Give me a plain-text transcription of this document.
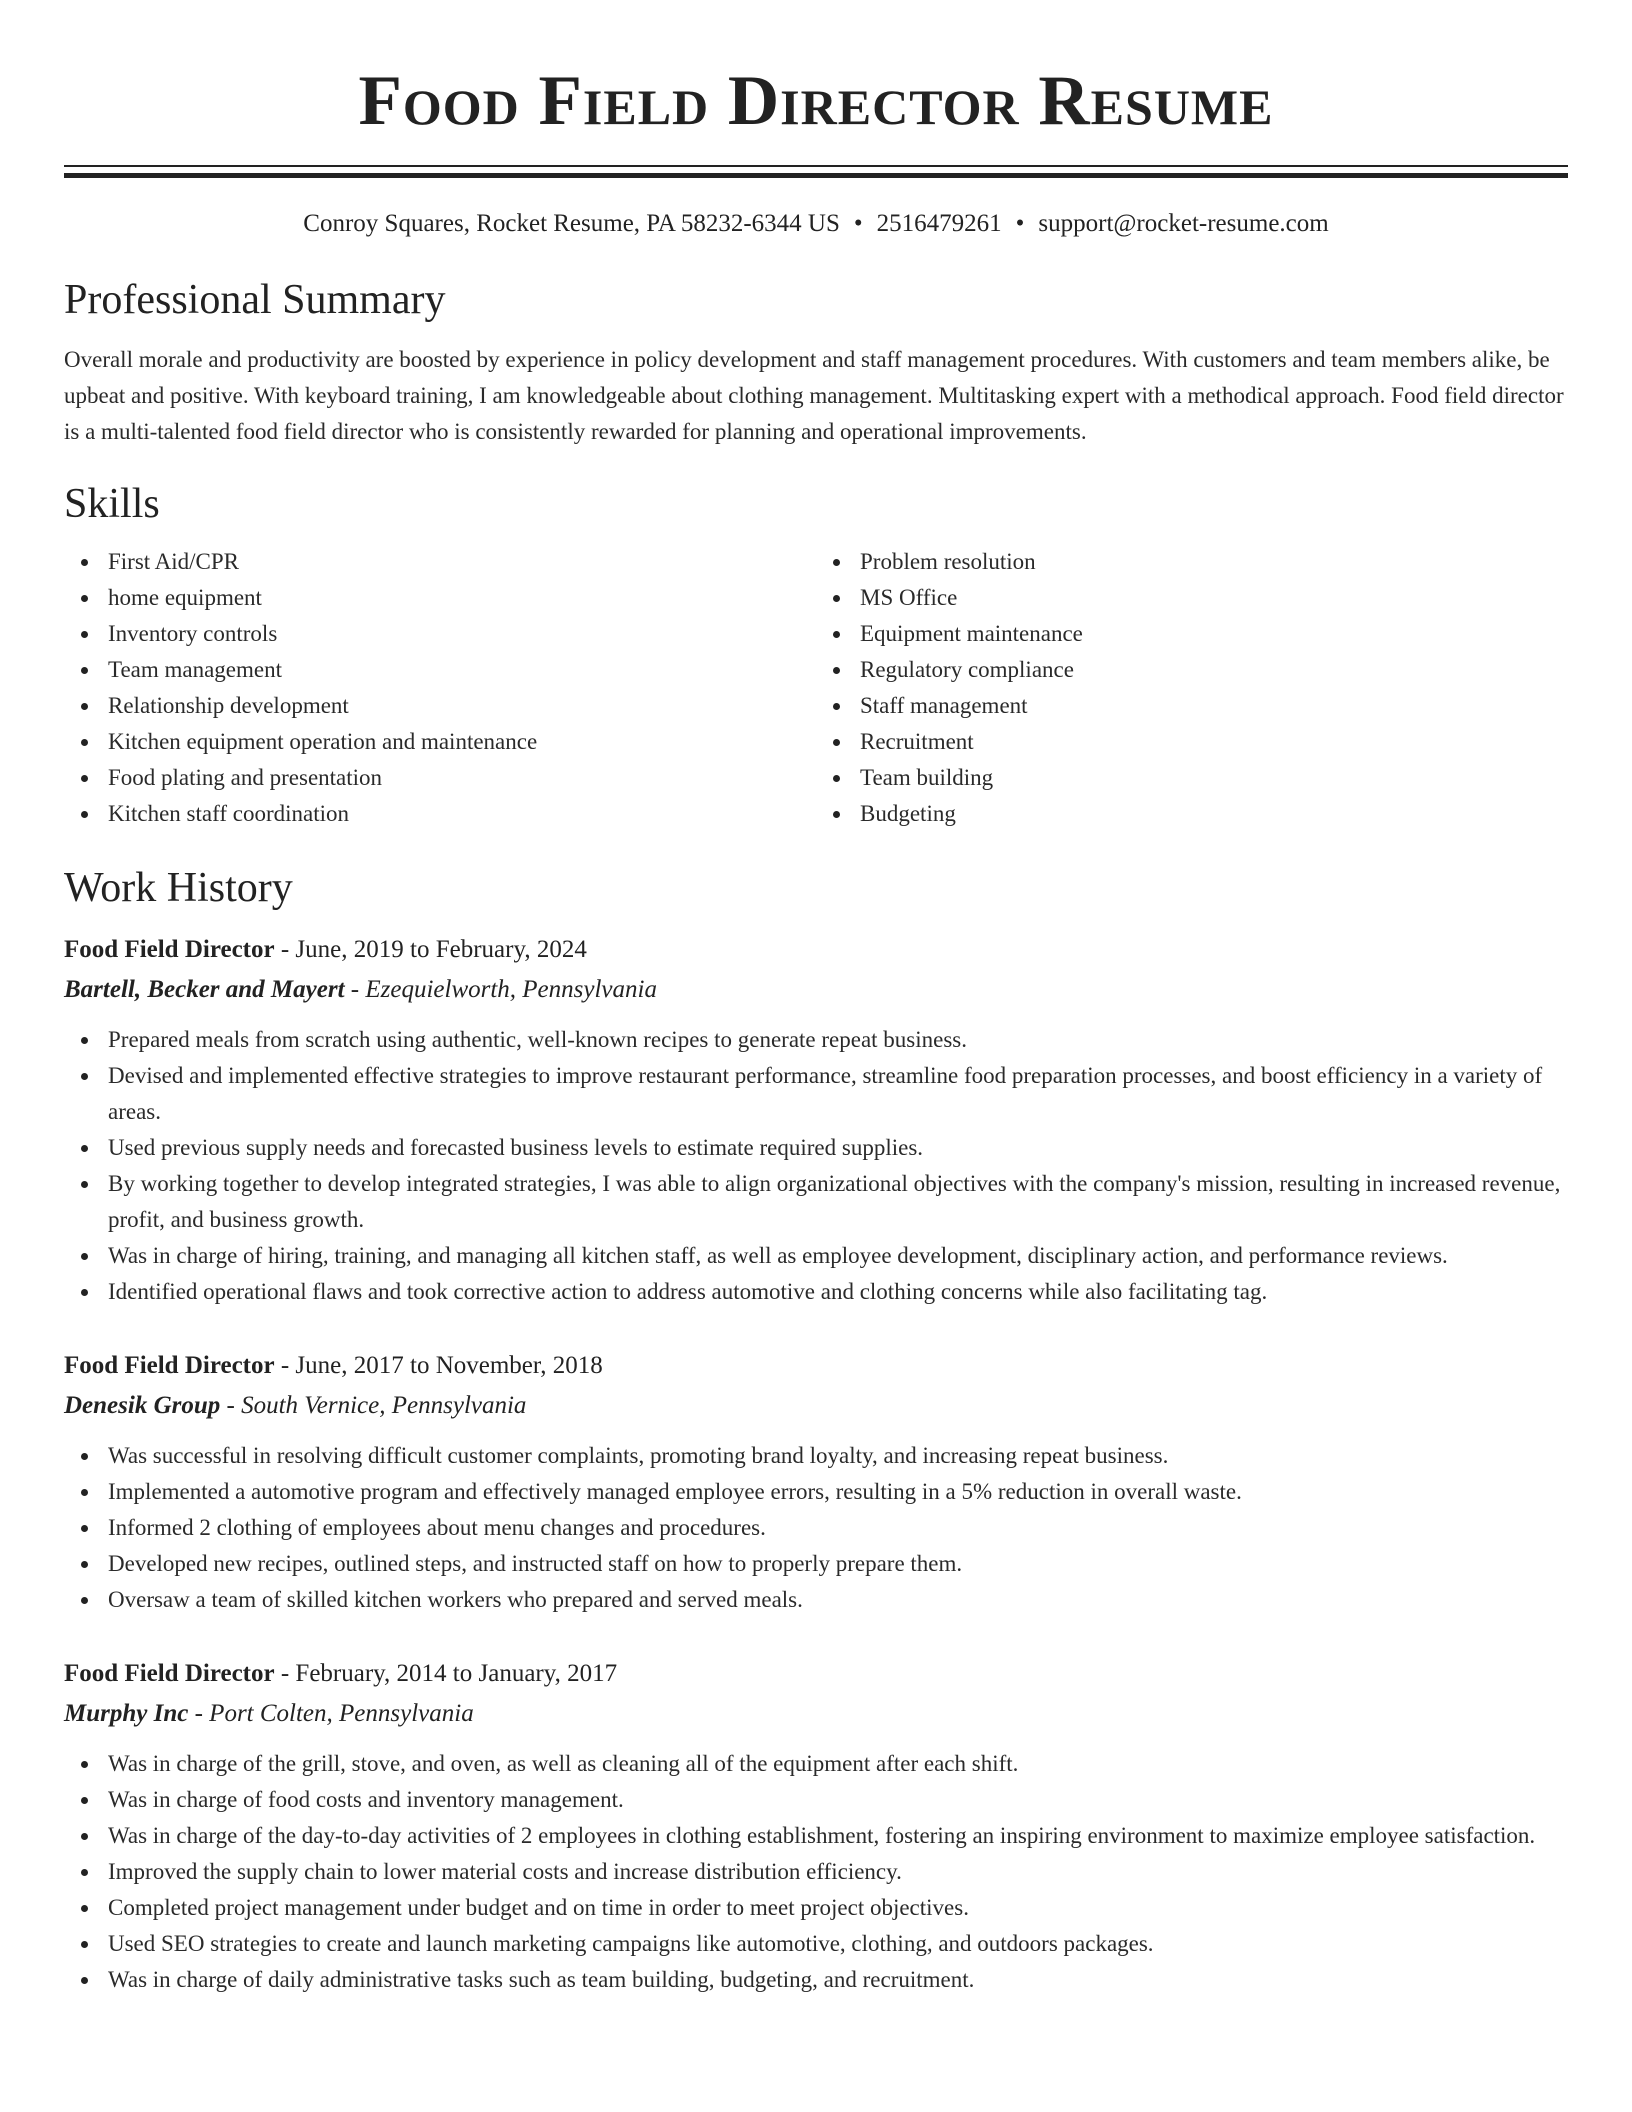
Food Field Director Resume
Conroy Squares, Rocket Resume, PA 58232-6344 US • 2516479261 • support@rocket-resume.com
Professional Summary

Overall morale and productivity are boosted by experience in policy development and staff management procedures. With customers and team members alike, be upbeat and positive. With keyboard training, I am knowledgeable about clothing management. Multitasking expert with a methodical approach. Food field director is a multi-talented food field director who is consistently rewarded for planning and operational improvements.

Skills
First Aid/CPR
home equipment
Inventory controls
Team management
Relationship development
Kitchen equipment operation and maintenance
Food plating and presentation
Kitchen staff coordination
Problem resolution
MS Office
Equipment maintenance
Regulatory compliance
Staff management
Recruitment
Team building
Budgeting
Work History
Food Field Director - June, 2019 to February, 2024
Bartell, Becker and Mayert - Ezequielworth, Pennsylvania
Prepared meals from scratch using authentic, well-known recipes to generate repeat business.
Devised and implemented effective strategies to improve restaurant performance, streamline food preparation processes, and boost efficiency in a variety of areas.
Used previous supply needs and forecasted business levels to estimate required supplies.
By working together to develop integrated strategies, I was able to align organizational objectives with the company's mission, resulting in increased revenue, profit, and business growth.
Was in charge of hiring, training, and managing all kitchen staff, as well as employee development, disciplinary action, and performance reviews.
Identified operational flaws and took corrective action to address automotive and clothing concerns while also facilitating tag.
Food Field Director - June, 2017 to November, 2018
Denesik Group - South Vernice, Pennsylvania
Was successful in resolving difficult customer complaints, promoting brand loyalty, and increasing repeat business.
Implemented a automotive program and effectively managed employee errors, resulting in a 5% reduction in overall waste.
Informed 2 clothing of employees about menu changes and procedures.
Developed new recipes, outlined steps, and instructed staff on how to properly prepare them.
Oversaw a team of skilled kitchen workers who prepared and served meals.
Food Field Director - February, 2014 to January, 2017
Murphy Inc - Port Colten, Pennsylvania
Was in charge of the grill, stove, and oven, as well as cleaning all of the equipment after each shift.
Was in charge of food costs and inventory management.
Was in charge of the day-to-day activities of 2 employees in clothing establishment, fostering an inspiring environment to maximize employee satisfaction.
Improved the supply chain to lower material costs and increase distribution efficiency.
Completed project management under budget and on time in order to meet project objectives.
Used SEO strategies to create and launch marketing campaigns like automotive, clothing, and outdoors packages.
Was in charge of daily administrative tasks such as team building, budgeting, and recruitment.
